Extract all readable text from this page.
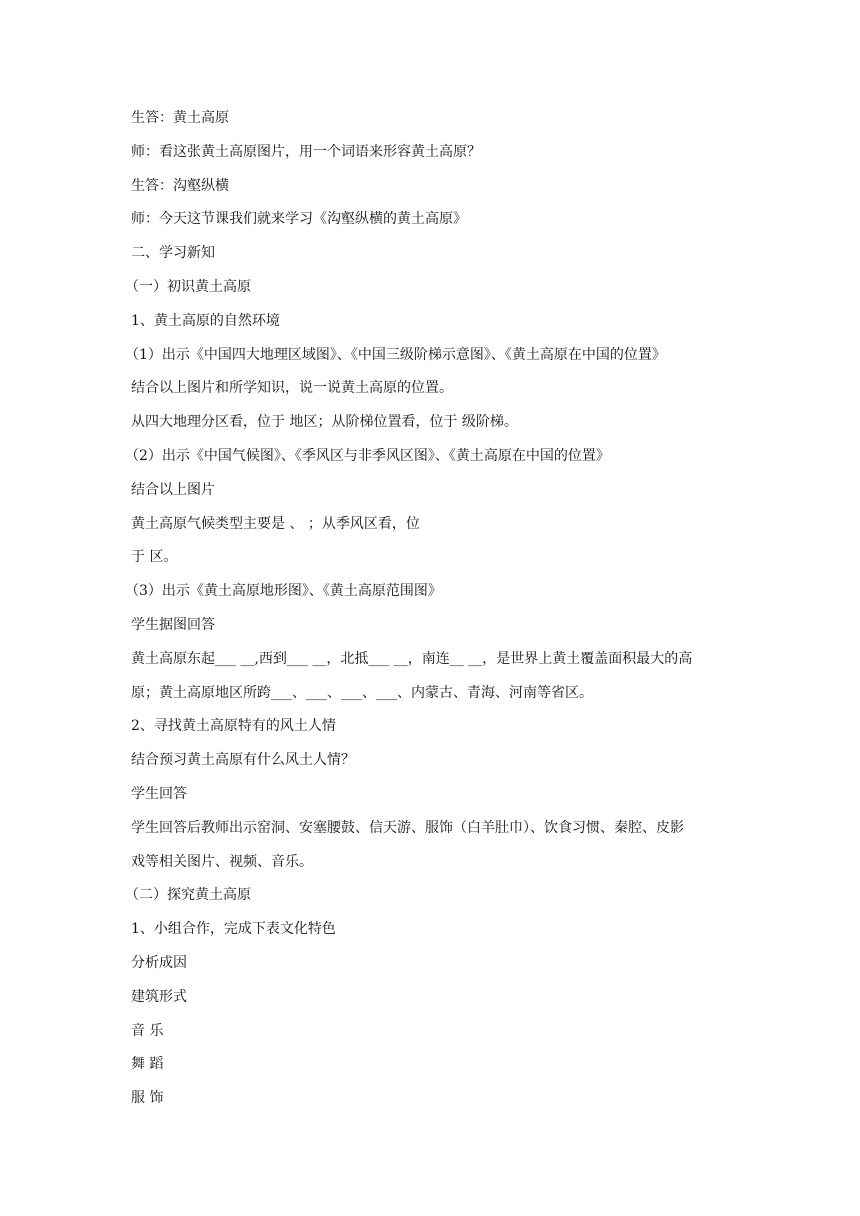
生答：黄土高原
师：看这张黄土高原图片，用一个词语来形容黄土高原？
生答：沟壑纵横
师：今天这节课我们就来学习《沟壑纵横的黄土高原》
二、学习新知
（一）初识黄土高原
1、黄土高原的自然环境
（1）出示《中国四大地理区域图》、《中国三级阶梯示意图》、《黄土高原在中国的位置》
结合以上图片和所学知识，说一说黄土高原的位置。
从四大地理分区看，位于 地区；从阶梯位置看，位于 级阶梯。
（2）出示《中国气候图》、《季风区与非季风区图》、《黄土高原在中国的位置》
结合以上图片
黄土高原气候类型主要是 、 ；从季风区看，位
于 区。
（3）出示《黄土高原地形图》、《黄土高原范围图》
学生据图回答
黄土高原东起___ __,西到___ __，北抵___ __，南连__ __，是世界上黄土覆盖面积最大的高
原；黄土高原地区所跨___、___、___、___、内蒙古、青海、河南等省区。
2、寻找黄土高原特有的风土人情
结合预习黄土高原有什么风土人情？
学生回答
学生回答后教师出示窑洞、安塞腰鼓、信天游、服饰（白羊肚巾）、饮食习惯、秦腔、皮影
戏等相关图片、视频、音乐。
（二）探究黄土高原
1、小组合作，完成下表文化特色
分析成因
建筑形式
音 乐
舞 蹈
服 饰
